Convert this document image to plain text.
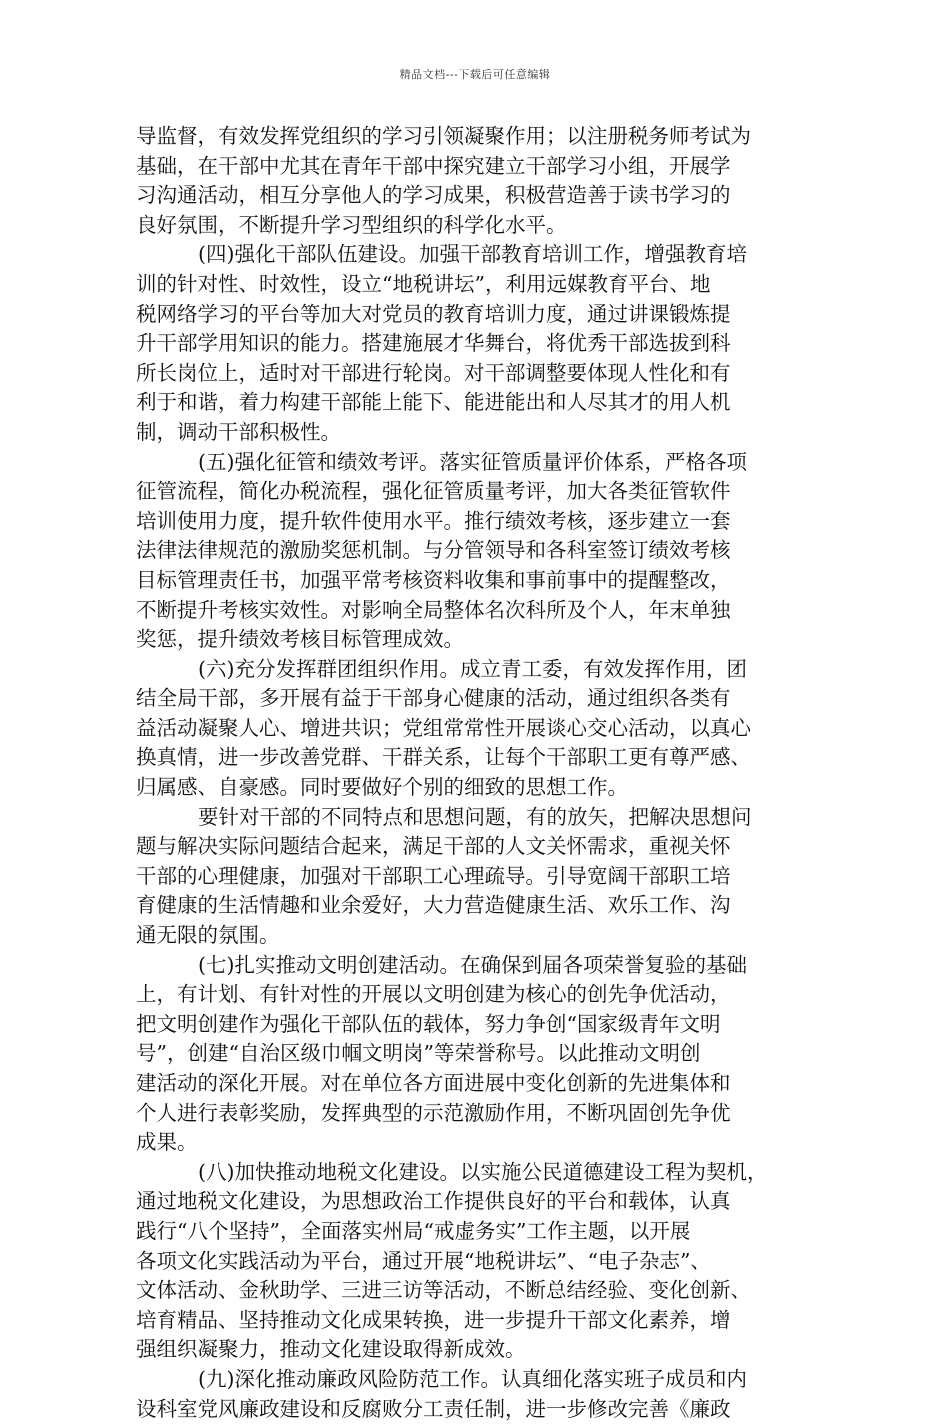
精品文档---下载后可任意编辑
导监督，有效发挥党组织的学习引领凝聚作用；以注册税务师考试为
基础，在干部中尤其在青年干部中探究建立干部学习小组，开展学
习沟通活动，相互分享他人的学习成果，积极营造善于读书学习的
良好氛围，不断提升学习型组织的科学化水平。
(四)强化干部队伍建设。加强干部教育培训工作，增强教育培
训的针对性、时效性，设立“地税讲坛”，利用远媒教育平台、地
税网络学习的平台等加大对党员的教育培训力度，通过讲课锻炼提
升干部学用知识的能力。搭建施展才华舞台，将优秀干部选拔到科
所长岗位上，适时对干部进行轮岗。对干部调整要体现人性化和有
利于和谐，着力构建干部能上能下、能进能出和人尽其才的用人机
制，调动干部积极性。
(五)强化征管和绩效考评。落实征管质量评价体系，严格各项
征管流程，简化办税流程，强化征管质量考评，加大各类征管软件
培训使用力度，提升软件使用水平。推行绩效考核，逐步建立一套
法律法律规范的激励奖惩机制。与分管领导和各科室签订绩效考核
目标管理责任书，加强平常考核资料收集和事前事中的提醒整改，
不断提升考核实效性。对影响全局整体名次科所及个人，年末单独
奖惩，提升绩效考核目标管理成效。
(六)充分发挥群团组织作用。成立青工委，有效发挥作用，团
结全局干部，多开展有益于干部身心健康的活动，通过组织各类有
益活动凝聚人心、增进共识；党组常常性开展谈心交心活动，以真心
换真情，进一步改善党群、干群关系，让每个干部职工更有尊严感、
归属感、自豪感。同时要做好个别的细致的思想工作。
要针对干部的不同特点和思想问题，有的放矢，把解决思想问
题与解决实际问题结合起来，满足干部的人文关怀需求，重视关怀
干部的心理健康，加强对干部职工心理疏导。引导宽阔干部职工培
育健康的生活情趣和业余爱好，大力营造健康生活、欢乐工作、沟
通无限的氛围。
(七)扎实推动文明创建活动。在确保到届各项荣誉复验的基础
上，有计划、有针对性的开展以文明创建为核心的创先争优活动，
把文明创建作为强化干部队伍的载体，努力争创“国家级青年文明
号”，创建“自治区级巾帼文明岗”等荣誉称号。以此推动文明创
建活动的深化开展。对在单位各方面进展中变化创新的先进集体和
个人进行表彰奖励，发挥典型的示范激励作用，不断巩固创先争优
成果。
(八)加快推动地税文化建设。以实施公民道德建设工程为契机，
通过地税文化建设，为思想政治工作提供良好的平台和载体，认真
践行“八个坚持”，全面落实州局“戒虚务实”工作主题，以开展
各项文化实践活动为平台，通过开展“地税讲坛”、“电子杂志”、
文体活动、金秋助学、三进三访等活动，不断总结经验、变化创新、
培育精品、坚持推动文化成果转换，进一步提升干部文化素养，增
强组织凝聚力，推动文化建设取得新成效。
(九)深化推动廉政风险防范工作。认真细化落实班子成员和内
设科室党风廉政建设和反腐败分工责任制，进一步修改完善《廉政
